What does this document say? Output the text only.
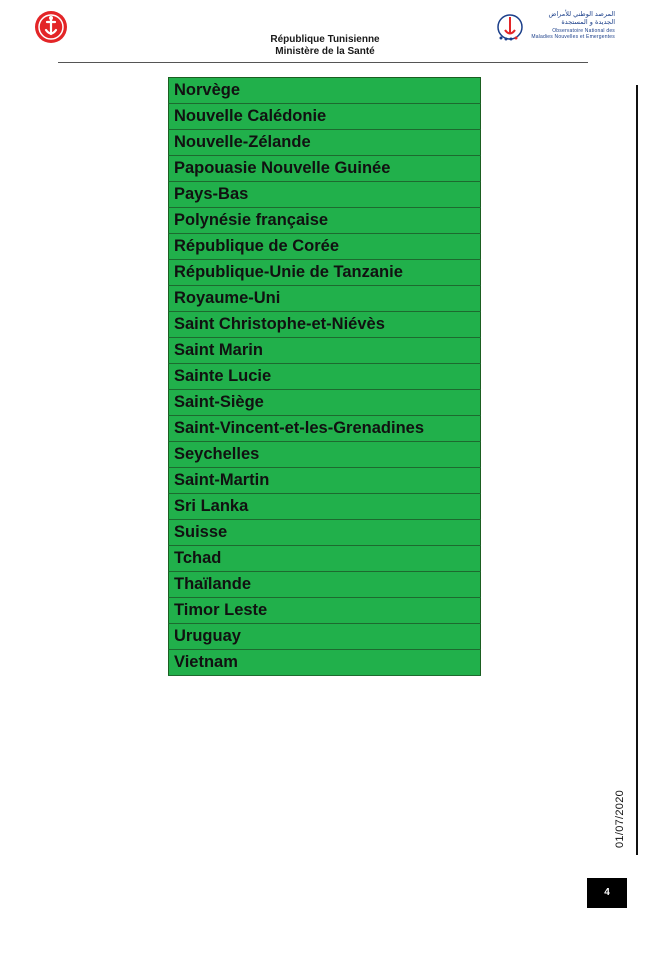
République Tunisienne
Ministère de la Santé
المرصد الوطني للأمراض
الجديدة و المستجدة
Observatoire National des
Maladies Nouvelles et Emergentes
Norvège
Nouvelle Calédonie
Nouvelle-Zélande
Papouasie Nouvelle Guinée
Pays-Bas
Polynésie française
République de Corée
République-Unie de Tanzanie
Royaume-Uni
Saint Christophe-et-Niévès
Saint Marin
Sainte Lucie
Saint-Siège
Saint-Vincent-et-les-Grenadines
Seychelles
Saint-Martin
Sri Lanka
Suisse
Tchad
Thaïlande
Timor Leste
Uruguay
Vietnam
01/07/2020
4
